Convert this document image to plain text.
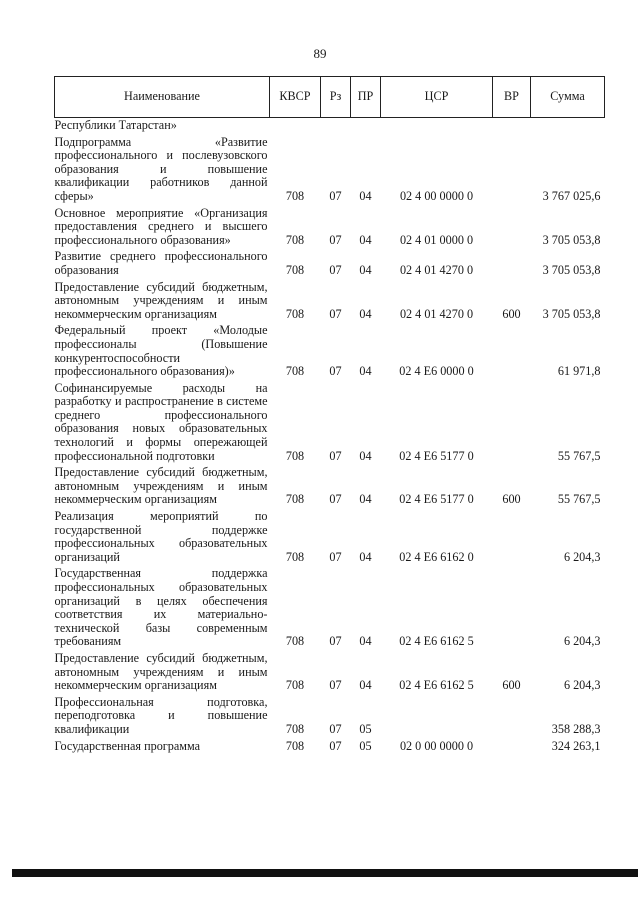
89
Наименование	КВСР	Рз	ПР	ЦСР	ВР	Сумма
Республики Татарстан»						
Подпрограмма «Развитие профессионального и послевузовского образования и повышение квалификации работников данной сферы»	708	07	04	02 4 00 0000 0		3 767 025,6
Основное мероприятие «Организация предоставления среднего и высшего профессионального образования»	708	07	04	02 4 01 0000 0		3 705 053,8
Развитие среднего профессионального образования	708	07	04	02 4 01 4270 0		3 705 053,8
Предоставление субсидий бюджетным, автономным учреждениям и иным некоммерческим организациям	708	07	04	02 4 01 4270 0	600	3 705 053,8
Федеральный проект «Молодые профессионалы (Повышение конкурентоспособности профессионального образования)»	708	07	04	02 4 E6 0000 0		61 971,8
Софинансируемые расходы на разработку и распространение в системе среднего профессионального образования новых образовательных технологий и формы опережающей профессиональной подготовки	708	07	04	02 4 E6 5177 0		55 767,5
Предоставление субсидий бюджетным, автономным учреждениям и иным некоммерческим организациям	708	07	04	02 4 E6 5177 0	600	55 767,5
Реализация мероприятий по государственной поддержке профессиональных образовательных организаций	708	07	04	02 4 E6 6162 0		6 204,3
Государственная поддержка профессиональных образовательных организаций в целях обеспечения соответствия их материально-технической базы современным требованиям	708	07	04	02 4 E6 6162 5		6 204,3
Предоставление субсидий бюджетным, автономным учреждениям и иным некоммерческим организациям	708	07	04	02 4 E6 6162 5	600	6 204,3
Профессиональная подготовка, переподготовка и повышение квалификации	708	07	05			358 288,3
Государственная программа	708	07	05	02 0 00 0000 0		324 263,1
